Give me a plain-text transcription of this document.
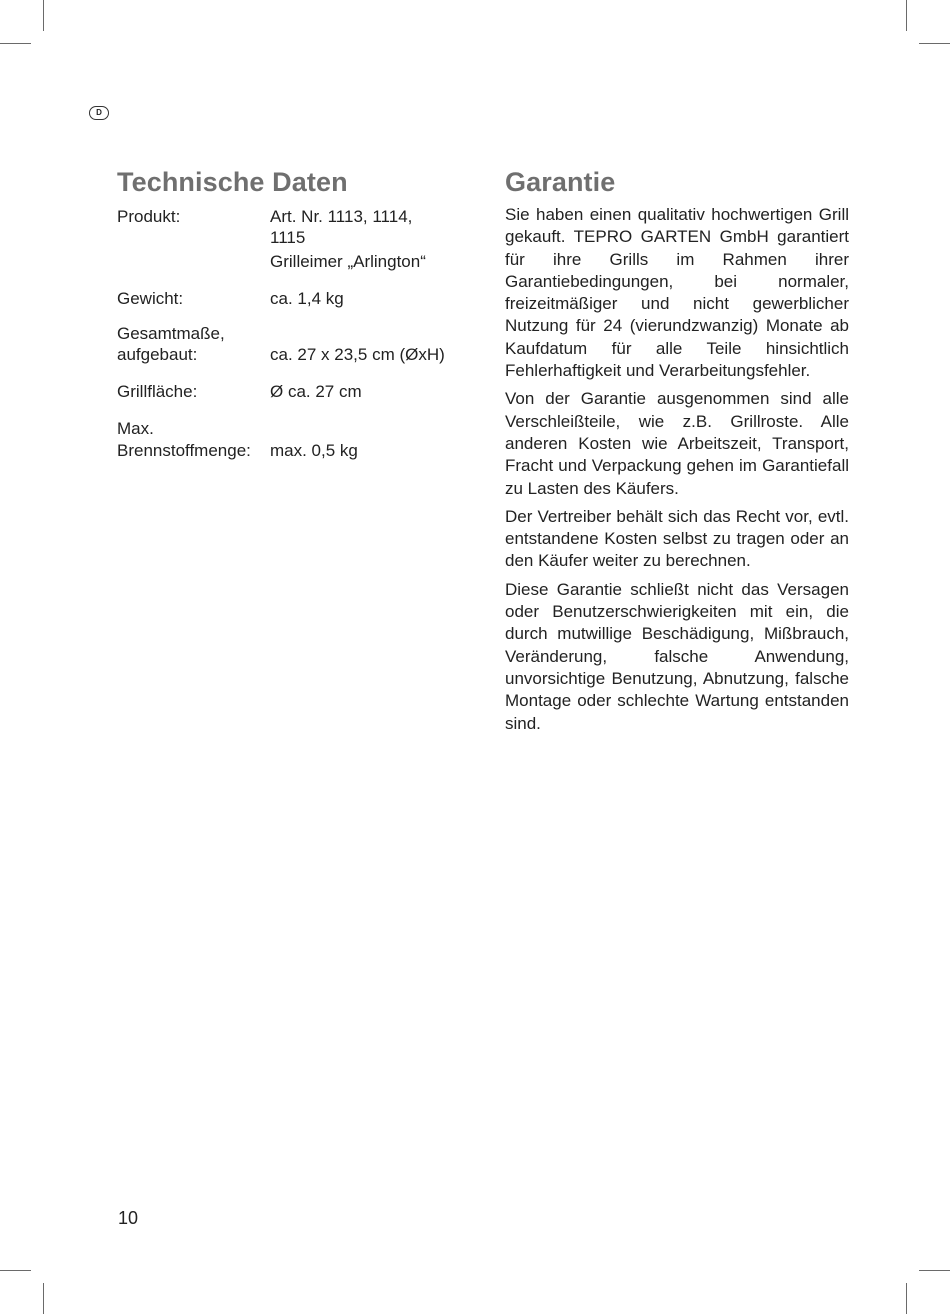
D
Technische Daten
Produkt:	Art. Nr. 1113, 1114,
1115
Grilleimer „Arlington“
Gewicht:	ca. 1,4 kg
Gesamtmaße,
aufgebaut:	ca. 27 x 23,5 cm (ØxH)
Grillfläche:	Ø ca. 27 cm
Max.
Brennstoffmenge: max. 0,5 kg
Garantie

Sie haben einen qualitativ hochwertigen Grill gekauft. TEPRO GARTEN GmbH garantiert für ihre Grills im Rahmen ihrer Garantiebedingungen, bei normaler, freizeitmäßiger und nicht gewerblicher Nutzung für 24 (vierundzwanzig) Monate ab Kaufdatum für alle Teile hinsichtlich Fehlerhaftigkeit und Verarbeitungsfehler.

Von der Garantie ausgenommen sind alle Verschleißteile, wie z.B. Grillroste. Alle anderen Kosten wie Arbeitszeit, Transport, Fracht und Verpackung gehen im Garantiefall zu Lasten des Käufers.

Der Vertreiber behält sich das Recht vor, evtl. entstandene Kosten selbst zu tragen oder an den Käufer weiter zu berechnen.

Diese Garantie schließt nicht das Versagen oder Benutzerschwierigkeiten mit ein, die durch mutwillige Beschädigung, Mißbrauch, Veränderung, falsche Anwendung, unvorsichtige Benutzung, Abnutzung, falsche Montage oder schlechte Wartung entstanden sind.

10
